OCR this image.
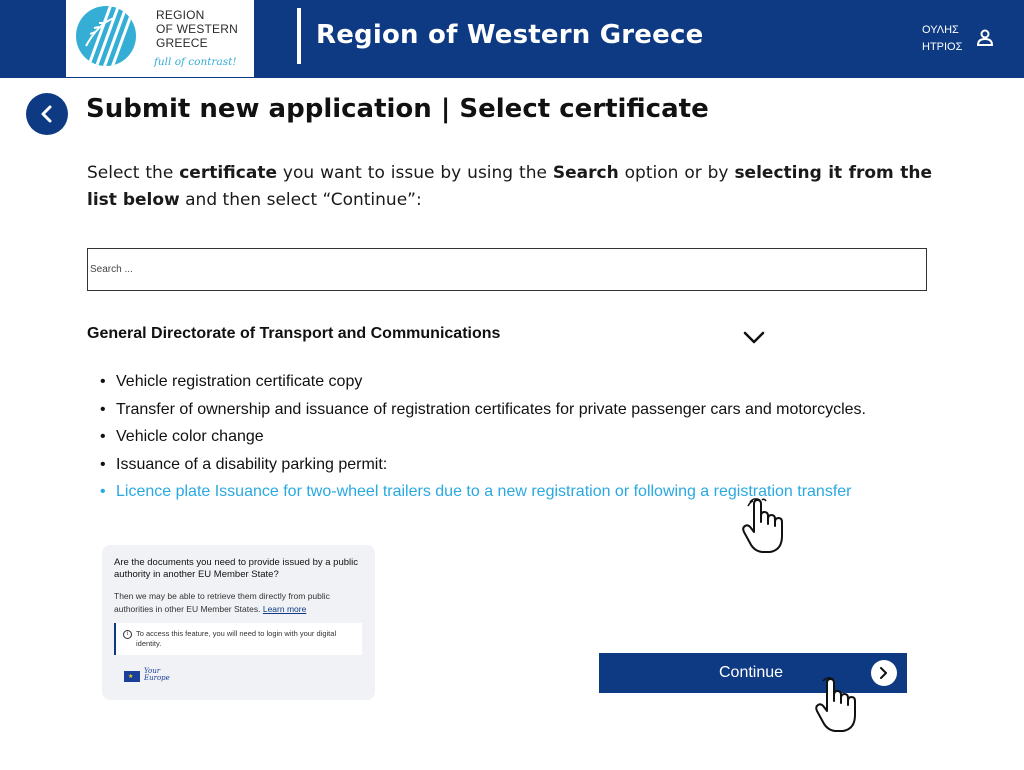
REGION
OF WESTERN
GREECE
full of contrast!
Region of Western Greece	ΟΥΛΗΣ
ΗΤΡΙΟΣ
Submit new application | Select certificate
Select the certificate you want to issue by using the Search option or by selecting it from the list below and then select “Continue”:
Search ...
General Directorate of Transport and Communications
• Vehicle registration certificate copy
• Transfer of ownership and issuance of registration certificates for private passenger cars and motorcycles.
• Vehicle color change
• Issuance of a disability parking permit:
• Licence plate Issuance for two-wheel trailers due to a new registration or following a registration transfer
Are the documents you need to provide issued by a public authority in another EU Member State?
Then we may be able to retrieve them directly from public authorities in other EU Member States. Learn more
i	To access this feature, you will need to login with your digital identity.
★
Your Europe	Continue
